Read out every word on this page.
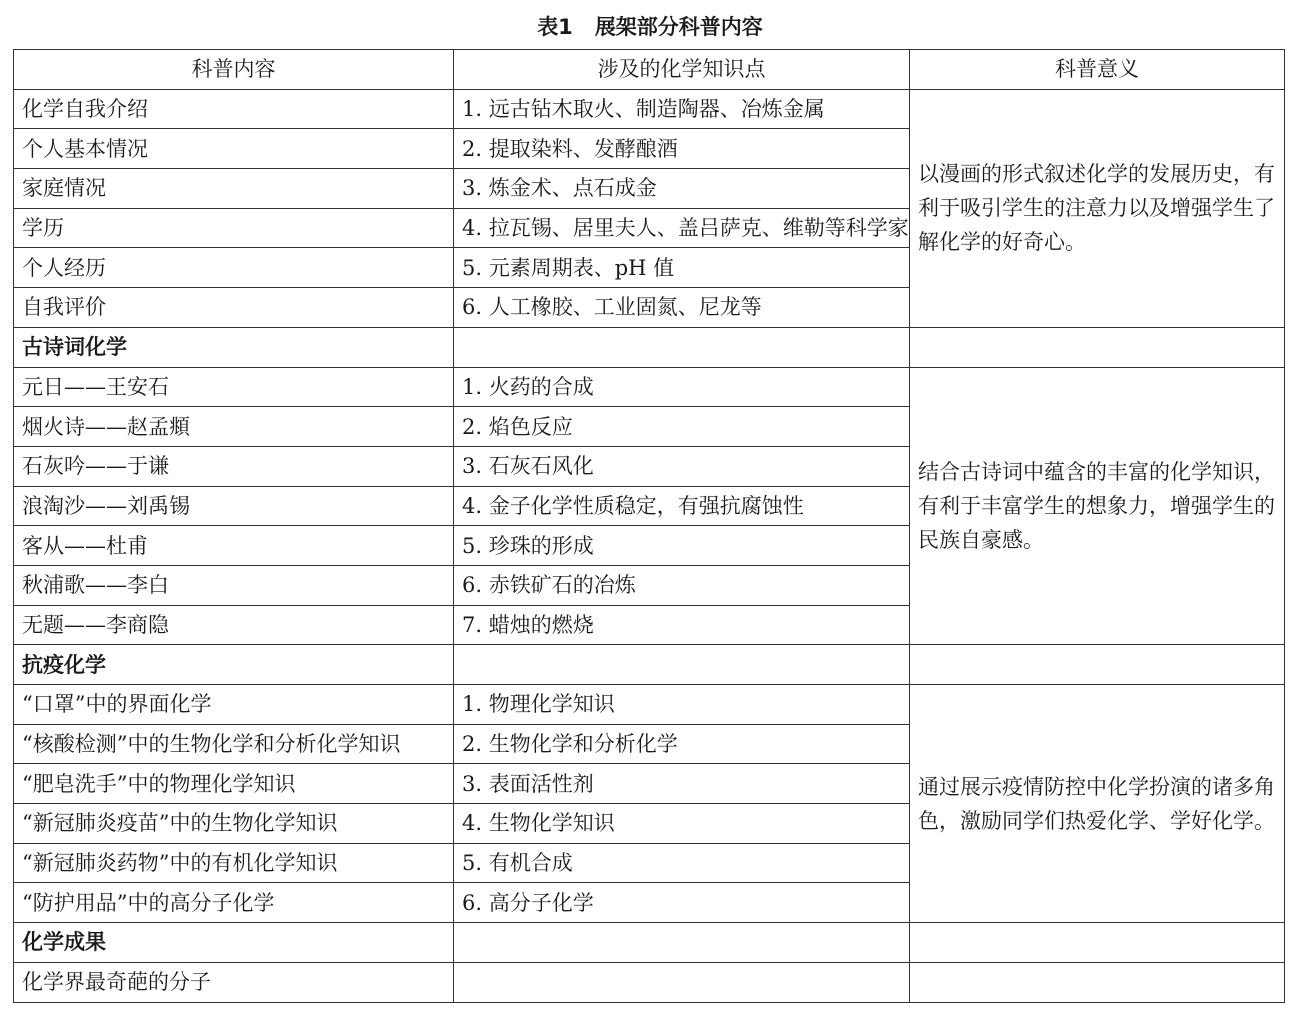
表1 展架部分科普内容
科普内容	涉及的化学知识点	科普意义
化学自我介绍	1. 远古钻木取火、制造陶器、冶炼金属	以漫画的形式叙述化学的发展历史，有利于吸引学生的注意力以及增强学生了解化学的好奇心。
个人基本情况	2. 提取染料、发酵酿酒	
家庭情况	3. 炼金术、点石成金	
学历	4. 拉瓦锡、居里夫人、盖吕萨克、维勒等科学家	
个人经历	5. 元素周期表、pH 值	
自我评价	6. 人工橡胶、工业固氮、尼龙等	
古诗词化学		
元日——王安石	1. 火药的合成	结合古诗词中蕴含的丰富的化学知识，有利于丰富学生的想象力，增强学生的民族自豪感。
烟火诗——赵孟頫	2. 焰色反应	
石灰吟——于谦	3. 石灰石风化	
浪淘沙——刘禹锡	4. 金子化学性质稳定，有强抗腐蚀性	
客从——杜甫	5. 珍珠的形成	
秋浦歌——李白	6. 赤铁矿石的冶炼	
无题——李商隐	7. 蜡烛的燃烧	
抗疫化学		
“口罩”中的界面化学	1. 物理化学知识	通过展示疫情防控中化学扮演的诸多角色，激励同学们热爱化学、学好化学。
“核酸检测”中的生物化学和分析化学知识	2. 生物化学和分析化学	
“肥皂洗手”中的物理化学知识	3. 表面活性剂	
“新冠肺炎疫苗”中的生物化学知识	4. 生物化学知识	
“新冠肺炎药物”中的有机化学知识	5. 有机合成	
“防护用品”中的高分子化学	6. 高分子化学	
化学成果		
化学界最奇葩的分子		
